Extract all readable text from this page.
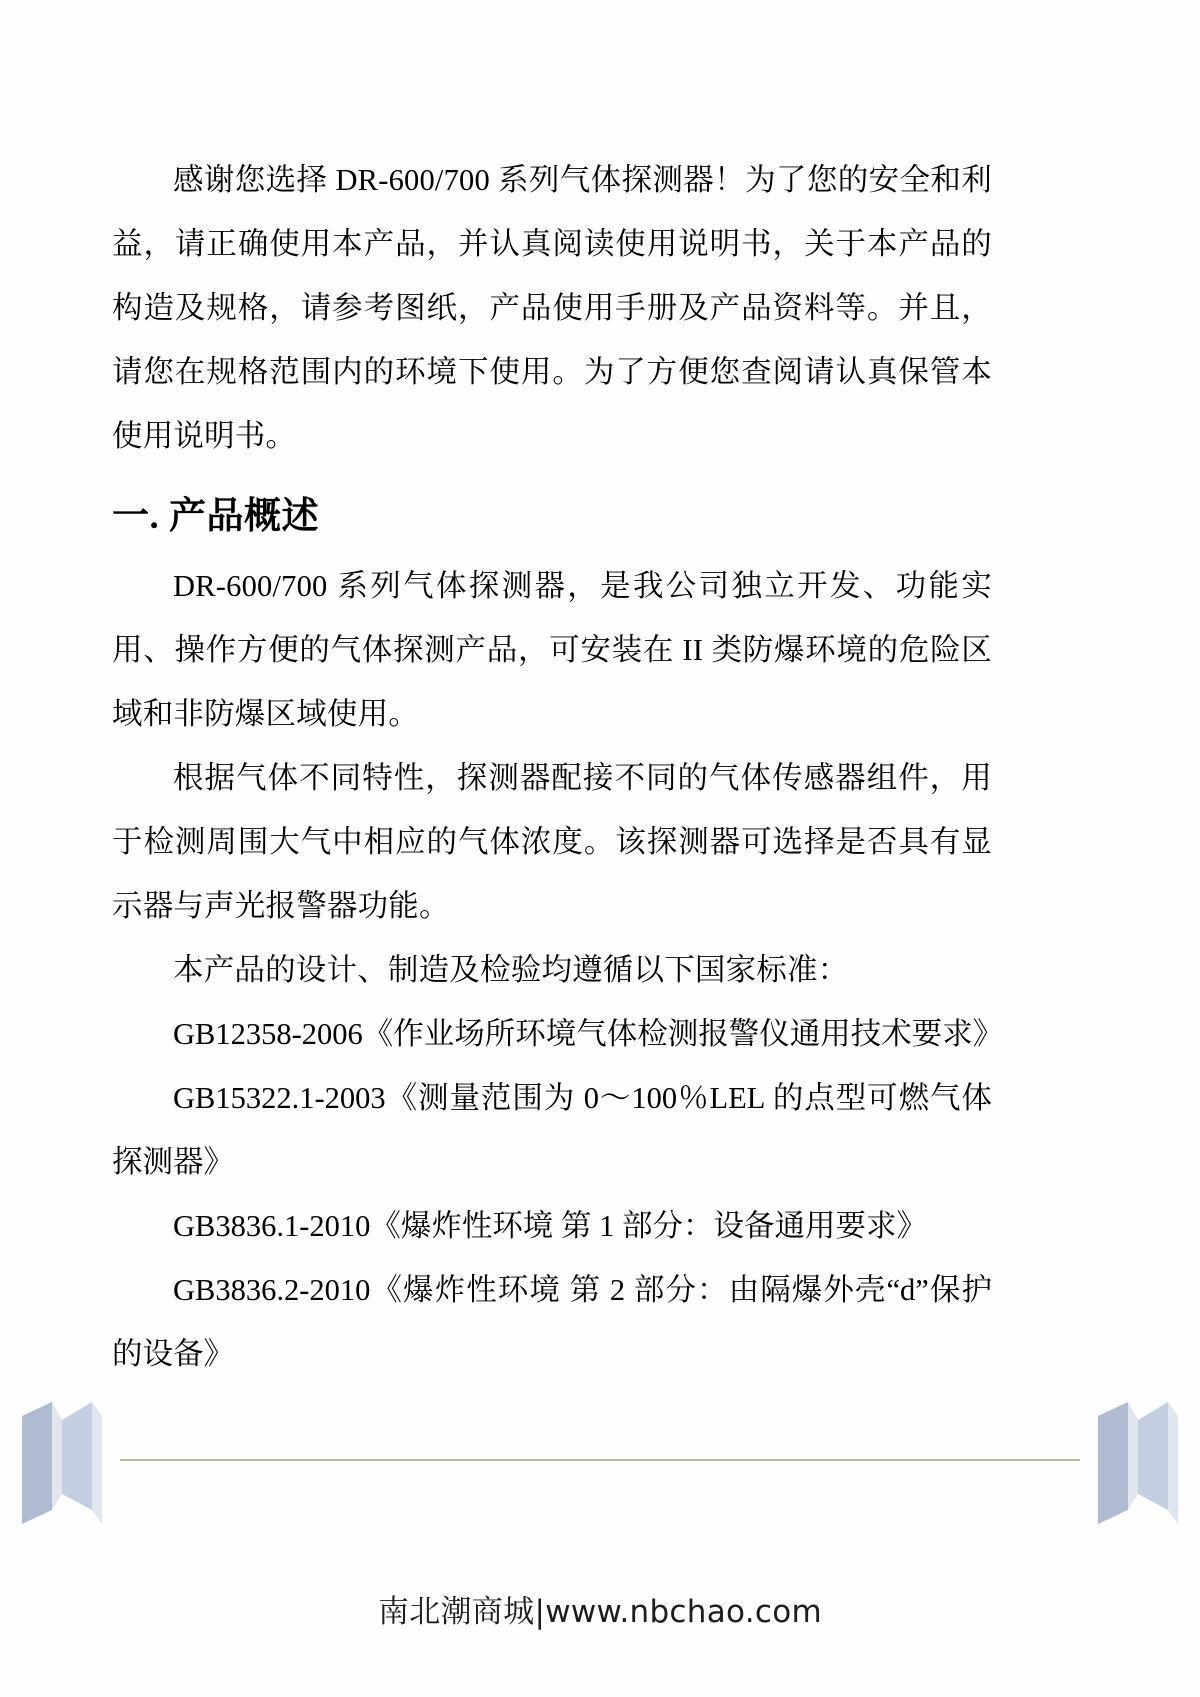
感谢您选择 DR-600/700 系列气体探测器！为了您的安全和利益，请正确使用本产品，并认真阅读使用说明书，关于本产品的构造及规格，请参考图纸，产品使用手册及产品资料等。并且，请您在规格范围内的环境下使用。为了方便您查阅请认真保管本使用说明书。

一. 产品概述

DR-600/700 系列气体探测器，是我公司独立开发、功能实用、操作方便的气体探测产品，可安装在 II 类防爆环境的危险区域和非防爆区域使用。

根据气体不同特性，探测器配接不同的气体传感器组件，用于检测周围大气中相应的气体浓度。该探测器可选择是否具有显示器与声光报警器功能。

本产品的设计、制造及检验均遵循以下国家标准：

GB12358-2006《作业场所环境气体检测报警仪通用技术要求》

GB15322.1-2003《测量范围为 0～100％LEL 的点型可燃气体探测器》

GB3836.1-2010《爆炸性环境 第 1 部分：设备通用要求》

GB3836.2-2010《爆炸性环境 第 2 部分：由隔爆外壳“d”保护的设备》

南北潮商城|www.nbchao.com
